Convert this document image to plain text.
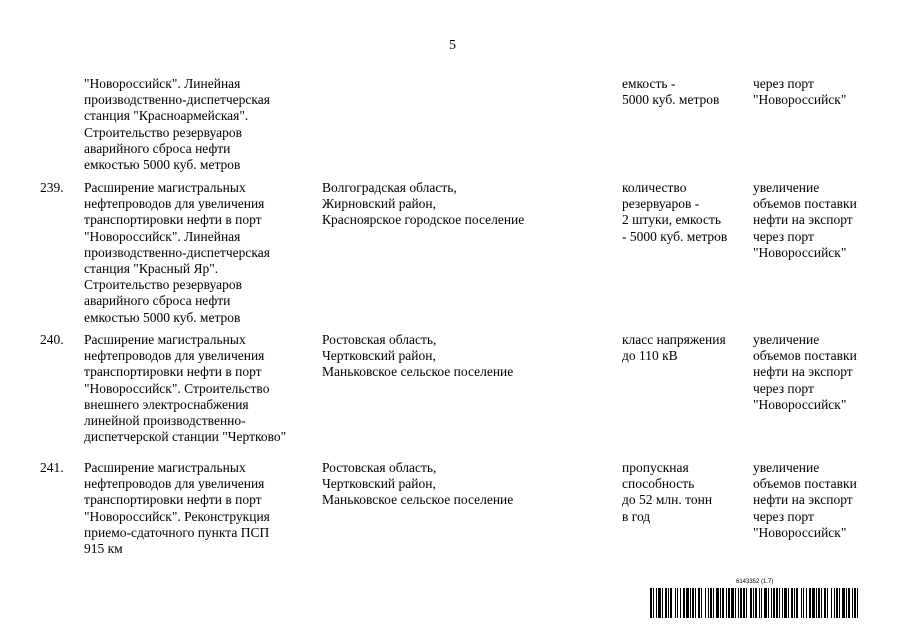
5
"Новороссийск". Линейная
производственно-диспетчерская
станция "Красноармейская".
Строительство резервуаров
аварийного сброса нефти
емкостью 5000 куб. метров
емкость -
5000 куб. метров
через порт
"Новороссийск"
239. Расширение магистральных
нефтепроводов для увеличения
транспортировки нефти в порт
"Новороссийск". Линейная
производственно-диспетчерская
станция "Красный Яр".
Строительство резервуаров
аварийного сброса нефти
емкостью 5000 куб. метров
Волгоградская область,
Жирновский район,
Красноярское городское поселение
количество
резервуаров -
2 штуки, емкость
- 5000 куб. метров
увеличение
объемов поставки
нефти на экспорт
через порт
"Новороссийск"
240. Расширение магистральных
нефтепроводов для увеличения
транспортировки нефти в порт
"Новороссийск". Строительство
внешнего электроснабжения
линейной производственно-
диспетчерской станции "Чертково"
Ростовская область,
Чертковский район,
Маньковское сельское поселение
класс напряжения
до 110 кВ
увеличение
объемов поставки
нефти на экспорт
через порт
"Новороссийск"
241. Расширение магистральных
нефтепроводов для увеличения
транспортировки нефти в порт
"Новороссийск". Реконструкция
приемо-сдаточного пункта ПСП
915 км
Ростовская область,
Чертковский район,
Маньковское сельское поселение
пропускная
способность
до 52 млн. тонн
в год
увеличение
объемов поставки
нефти на экспорт
через порт
"Новороссийск"
6143352 (1.7)
